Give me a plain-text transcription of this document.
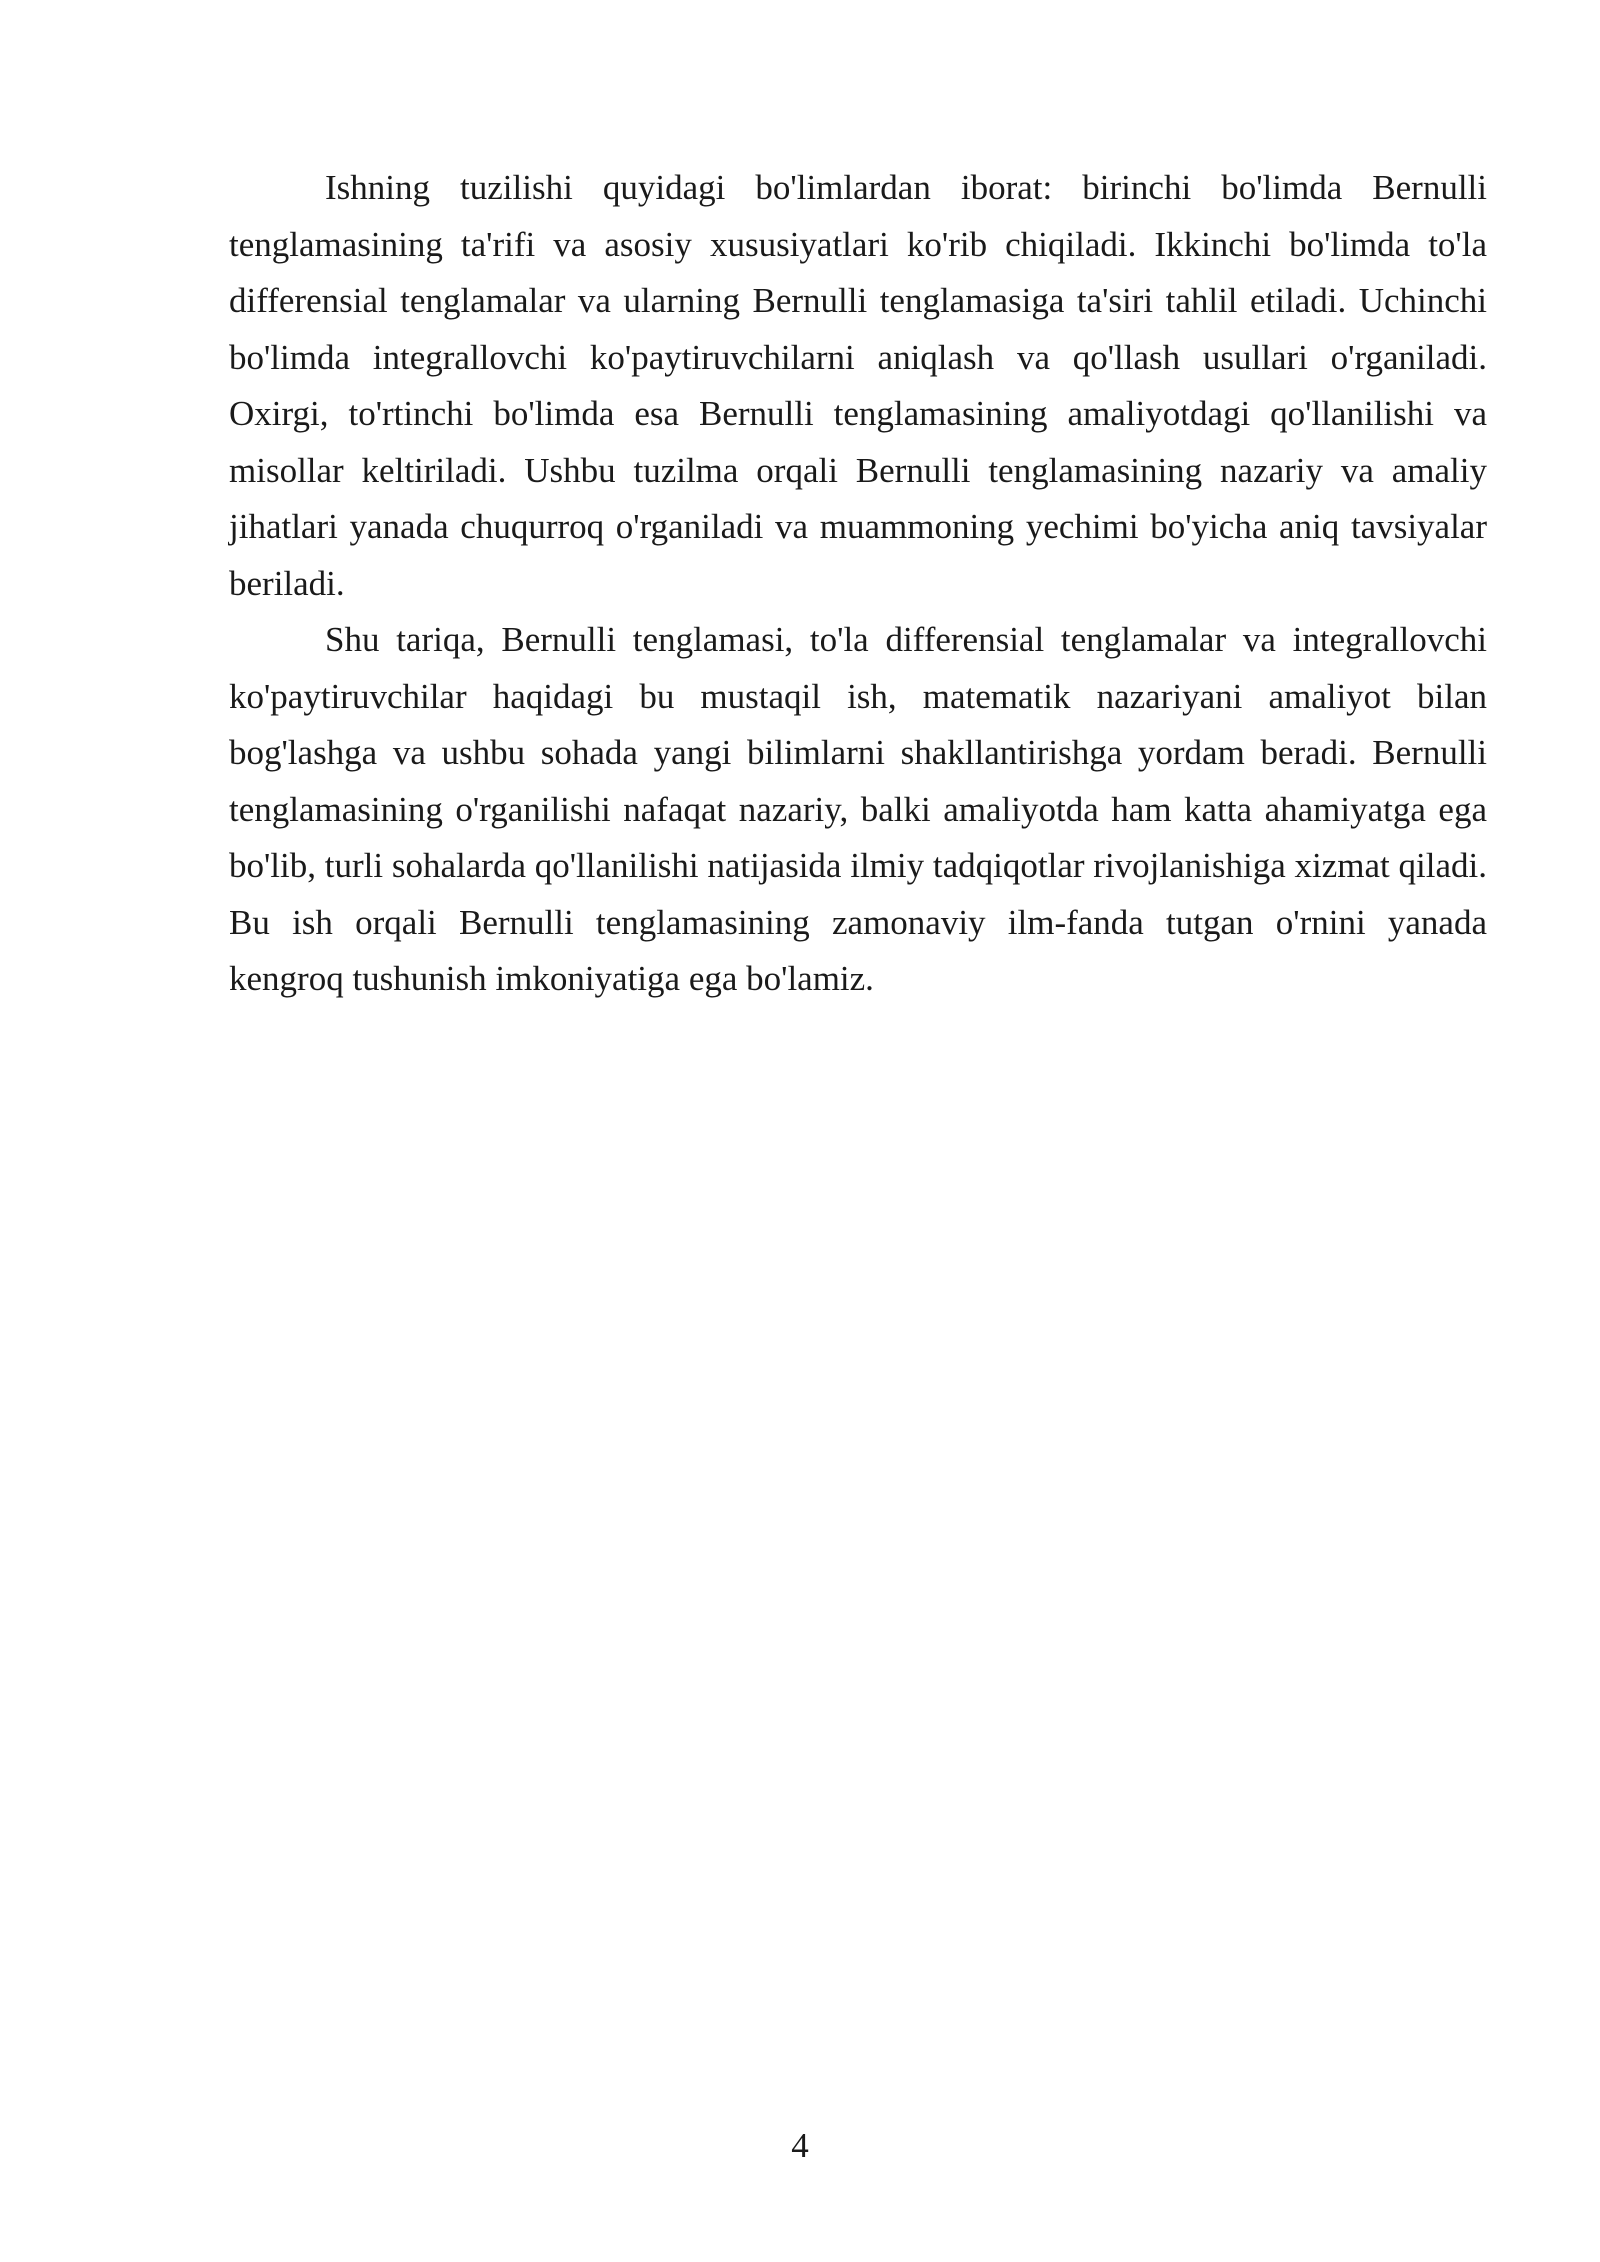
Ishning tuzilishi quyidagi bo'limlardan iborat: birinchi bo'limda Bernulli tenglamasining ta'rifi va asosiy xususiyatlari ko'rib chiqiladi. Ikkinchi bo'limda to'la differensial tenglamalar va ularning Bernulli tenglamasiga ta'siri tahlil etiladi. Uchinchi bo'limda integrallovchi ko'paytiruvchilarni aniqlash va qo'llash usullari o'rganiladi. Oxirgi, to'rtinchi bo'limda esa Bernulli tenglamasining amaliyotdagi qo'llanilishi va misollar keltiriladi. Ushbu tuzilma orqali Bernulli tenglamasining nazariy va amaliy jihatlari yanada chuqurroq o'rganiladi va muammoning yechimi bo'yicha aniq tavsiyalar beriladi.

Shu tariqa, Bernulli tenglamasi, to'la differensial tenglamalar va integrallovchi ko'paytiruvchilar haqidagi bu mustaqil ish, matematik nazariyani amaliyot bilan bog'lashga va ushbu sohada yangi bilimlarni shakllantirishga yordam beradi. Bernulli tenglamasining o'rganilishi nafaqat nazariy, balki amaliyotda ham katta ahamiyatga ega bo'lib, turli sohalarda qo'llanilishi natijasida ilmiy tadqiqotlar rivojlanishiga xizmat qiladi. Bu ish orqali Bernulli tenglamasining zamonaviy ilm-fanda tutgan o'rnini yanada kengroq tushunish imkoniyatiga ega bo'lamiz.

4
